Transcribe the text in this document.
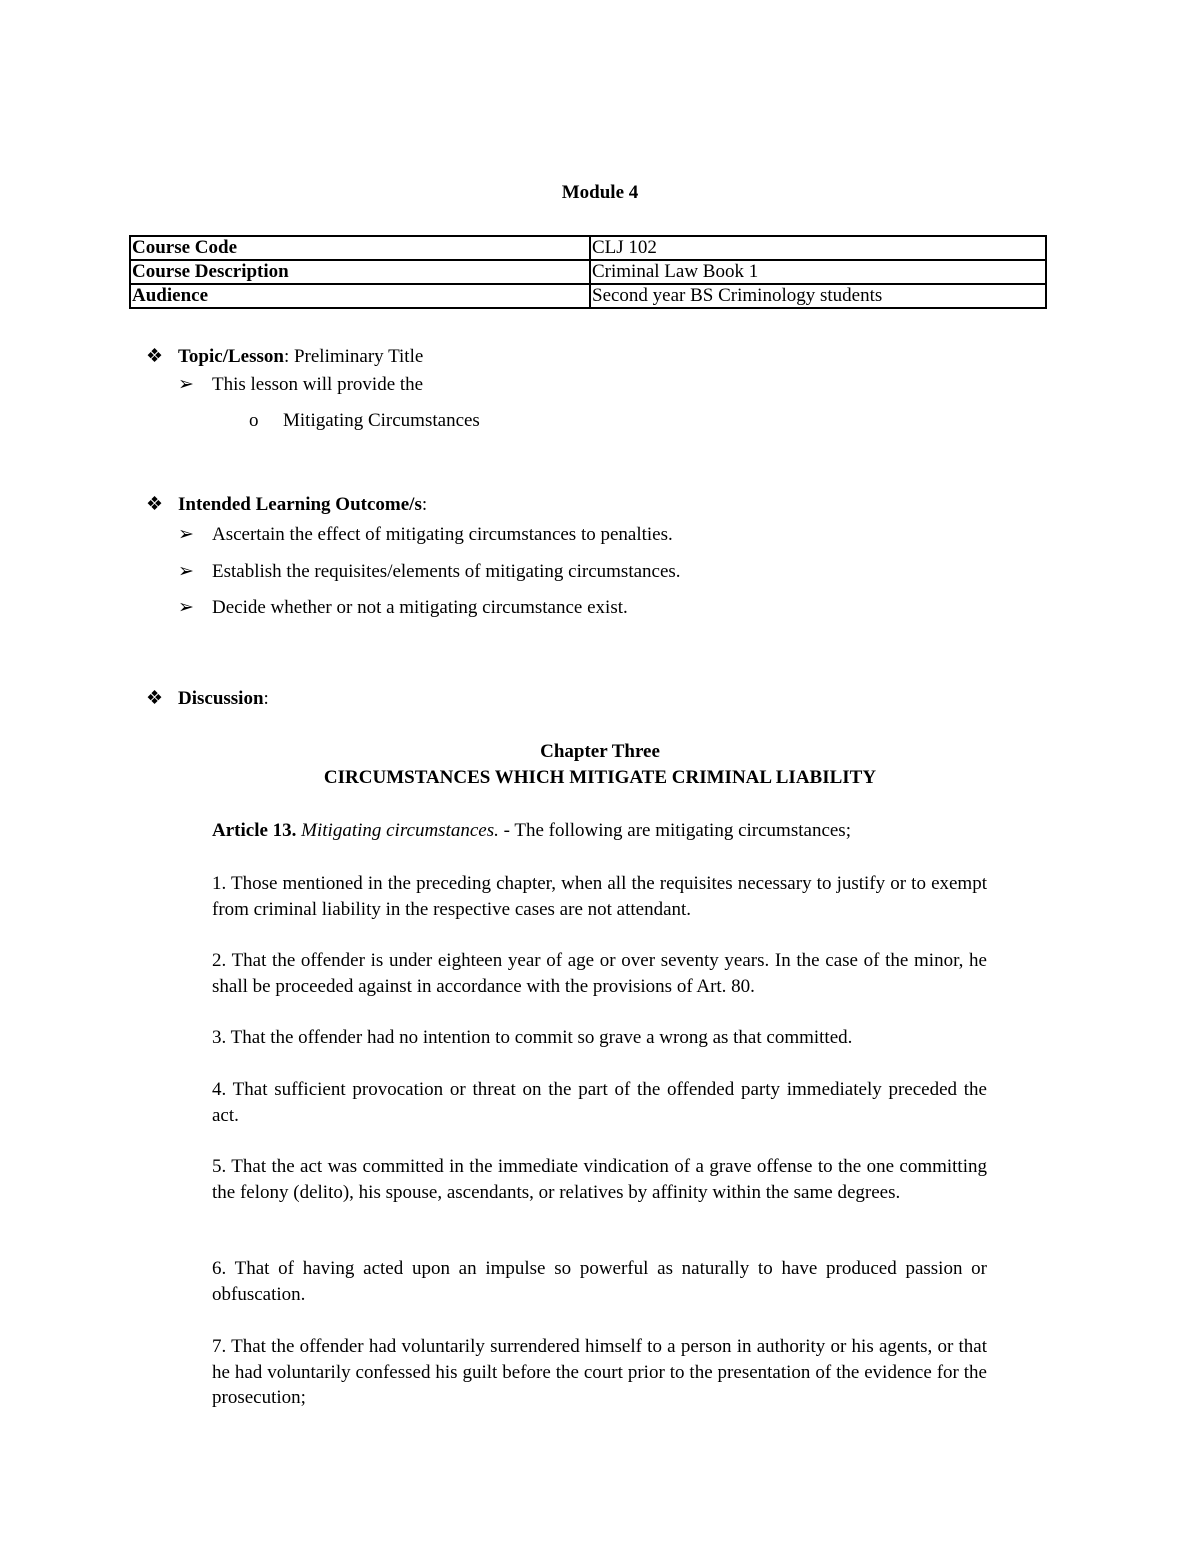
Module 4
Course Code	CLJ 102
Course Description	Criminal Law Book 1
Audience	Second year BS Criminology students
❖ Topic/Lesson: Preliminary Title
➢ This lesson will provide the
o Mitigating Circumstances
❖ Intended Learning Outcome/s:
➢ Ascertain the effect of mitigating circumstances to penalties.
➢ Establish the requisites/elements of mitigating circumstances.
➢ Decide whether or not a mitigating circumstance exist.
❖ Discussion:
Chapter Three
CIRCUMSTANCES WHICH MITIGATE CRIMINAL LIABILITY
Article 13. Mitigating circumstances. - The following are mitigating circumstances;
1. Those mentioned in the preceding chapter, when all the requisites necessary to justify or to exempt from criminal liability in the respective cases are not attendant.
2. That the offender is under eighteen year of age or over seventy years. In the case of the minor, he shall be proceeded against in accordance with the provisions of Art. 80.
3. That the offender had no intention to commit so grave a wrong as that committed.
4. That sufficient provocation or threat on the part of the offended party immediately preceded the act.
5. That the act was committed in the immediate vindication of a grave offense to the one committing the felony (delito), his spouse, ascendants, or relatives by affinity within the same degrees.
6. That of having acted upon an impulse so powerful as naturally to have produced passion or obfuscation.
7. That the offender had voluntarily surrendered himself to a person in authority or his agents, or that he had voluntarily confessed his guilt before the court prior to the presentation of the evidence for the prosecution;
